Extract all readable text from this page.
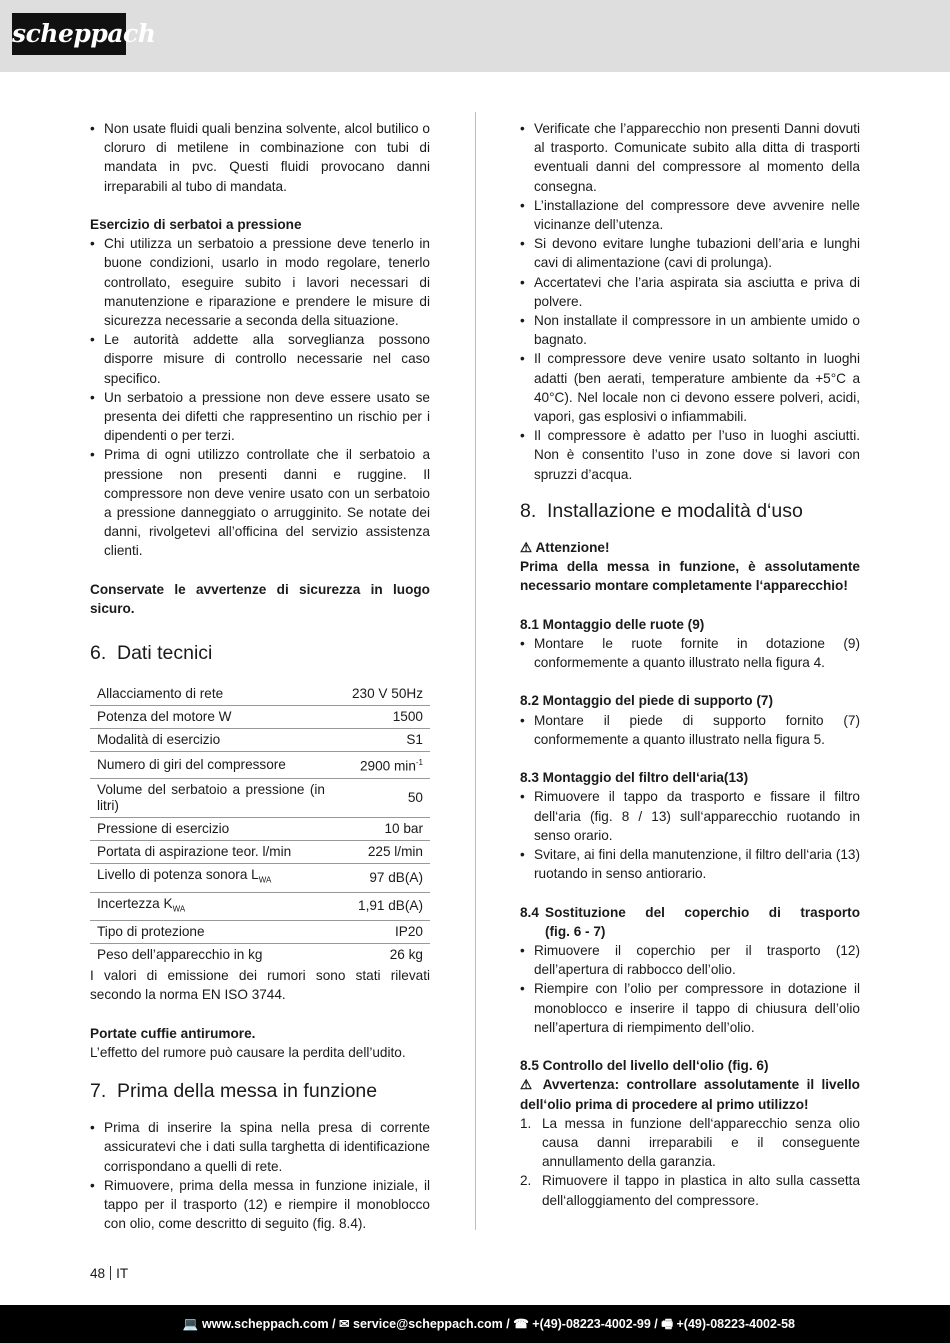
scheppach
• Non usate fluidi quali benzina solvente, alcol butilico o cloruro di metilene in combinazione con tubi di mandata in pvc. Questi fluidi provocano danni irreparabili al tubo di mandata.
Esercizio di serbatoi a pressione
• Chi utilizza un serbatoio a pressione deve tenerlo in buone condizioni, usarlo in modo regolare, tenerlo controllato, eseguire subito i lavori necessari di manutenzione e riparazione e prendere le misure di sicurezza necessarie a seconda della situazione.
• Le autorità addette alla sorveglianza possono disporre misure di controllo necessarie nel caso specifico.
• Un serbatoio a pressione non deve essere usato se presenta dei difetti che rappresentino un rischio per i dipendenti o per terzi.
• Prima di ogni utilizzo controllate che il serbatoio a pressione non presenti danni e ruggine. Il compressore non deve venire usato con un serbatoio a pressione danneggiato o arrugginito. Se notate dei danni, rivolgetevi all’officina del servizio assistenza clienti.
Conservate le avvertenze di sicurezza in luogo sicuro.
6. Dati tecnici
Allacciamento di rete	230 V 50Hz
Potenza del motore W	1500
Modalità di esercizio	S1
Numero di giri del compressore	2900 $\min^{-1}$
Volume del serbatoio a pressione (in litri)	50
Pressione di esercizio	10 bar
Portata di aspirazione teor. l/min	225 l/min
Livello di potenza sonora $L_{WA}$	97 dB(A)
Incertezza $K_{WA}$	1,91 dB(A)
Tipo di protezione	IP20
Peso dell’apparecchio in kg	26 kg
I valori di emissione dei rumori sono stati rilevati secondo la norma EN ISO 3744.
Portate cuffie antirumore.
L’effetto del rumore può causare la perdita dell’udito.
7. Prima della messa in funzione
• Prima di inserire la spina nella presa di corrente assicuratevi che i dati sulla targhetta di identificazione corrispondano a quelli di rete.
• Rimuovere, prima della messa in funzione iniziale, il tappo per il trasporto (12) e riempire il monoblocco con olio, come descritto di seguito (fig. 8.4).
• Verificate che l’apparecchio non presenti Danni dovuti al trasporto. Comunicate subito alla ditta di trasporti eventuali danni del compressore al momento della consegna.
• L’installazione del compressore deve avvenire nelle vicinanze dell’utenza.
• Si devono evitare lunghe tubazioni dell’aria e lunghi cavi di alimentazione (cavi di prolunga).
• Accertatevi che l’aria aspirata sia asciutta e priva di polvere.
• Non installate il compressore in un ambiente umido o bagnato.
• Il compressore deve venire usato soltanto in luoghi adatti (ben aerati, temperature ambiente da +5°C a 40°C). Nel locale non ci devono essere polveri, acidi, vapori, gas esplosivi o infiammabili.
• Il compressore è adatto per l’uso in luoghi asciutti. Non è consentito l’uso in zone dove si lavori con spruzzi d’acqua.
8. Installazione e modalità d‘uso
⚠ Attenzione!
Prima della messa in funzione, è assolutamente necessario montare completamente l‘apparecchio!
8.1 Montaggio delle ruote (9)
• Montare le ruote fornite in dotazione (9) conformemente a quanto illustrato nella figura 4.
8.2 Montaggio del piede di supporto (7)
• Montare il piede di supporto fornito (7) conformemente a quanto illustrato nella figura 5.
8.3 Montaggio del filtro dell‘aria(13)
• Rimuovere il tappo da trasporto e fissare il filtro dell‘aria (fig. 8 / 13) sull‘apparecchio ruotando in senso orario.
• Svitare, ai fini della manutenzione, il filtro dell‘aria (13) ruotando in senso antiorario.
8.4 Sostituzione del coperchio di trasporto
(fig. 6 - 7)
• Rimuovere il coperchio per il trasporto (12) dell’apertura di rabbocco dell’olio.
• Riempire con l’olio per compressore in dotazione il monoblocco e inserire il tappo di chiusura dell’olio nell’apertura di riempimento dell’olio.
8.5 Controllo del livello dell‘olio (fig. 6)
⚠ Avvertenza: controllare assolutamente il livello dell‘olio prima di procedere al primo utilizzo!
1. La messa in funzione dell‘apparecchio senza olio causa danni irreparabili e il conseguente annullamento della garanzia.
2. Rimuovere il tappo in plastica in alto sulla cassetta dell‘alloggiamento del compressore.
48 IT
💻 www.scheppach.com / ✉ service@scheppach.com / ☎ +(49)-08223-4002-99 / 🖷 +(49)-08223-4002-58
